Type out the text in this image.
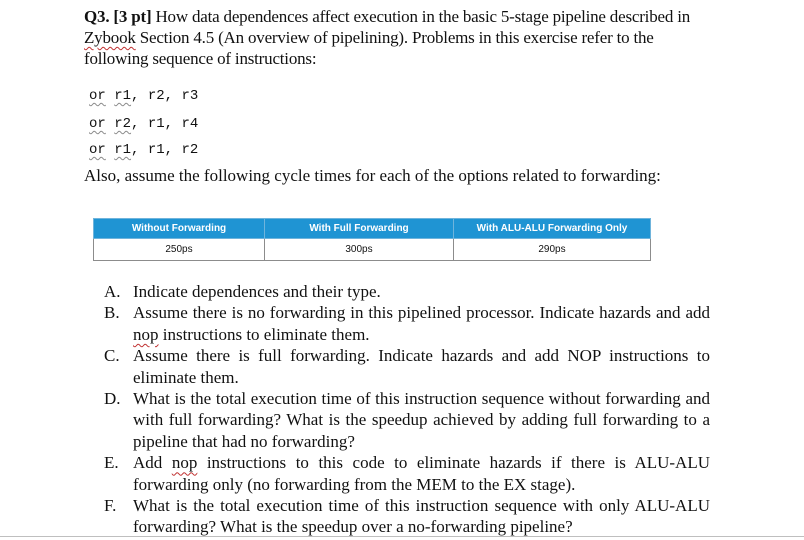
Q3. [3 pt] How data dependences affect execution in the basic 5-stage pipeline described in Zybook Section 4.5 (An overview of pipelining). Problems in this exercise refer to the following sequence of instructions:
or r1, r2, r3
or r2, r1, r4
or r1, r1, r2
Also, assume the following cycle times for each of the options related to forwarding:
Without Forwarding	With Full Forwarding	With ALU-ALU Forwarding Only
250ps	300ps	290ps
A. Indicate dependences and their type.
B. Assume there is no forwarding in this pipelined processor. Indicate hazards and add nop instructions to eliminate them.
C. Assume there is full forwarding. Indicate hazards and add NOP instructions to eliminate them.
D. What is the total execution time of this instruction sequence without forwarding and with full forwarding? What is the speedup achieved by adding full forwarding to a pipeline that had no forwarding?
E. Add nop instructions to this code to eliminate hazards if there is ALU-ALU forwarding only (no forwarding from the MEM to the EX stage).
F. What is the total execution time of this instruction sequence with only ALU-ALU forwarding? What is the speedup over a no-forwarding pipeline?
